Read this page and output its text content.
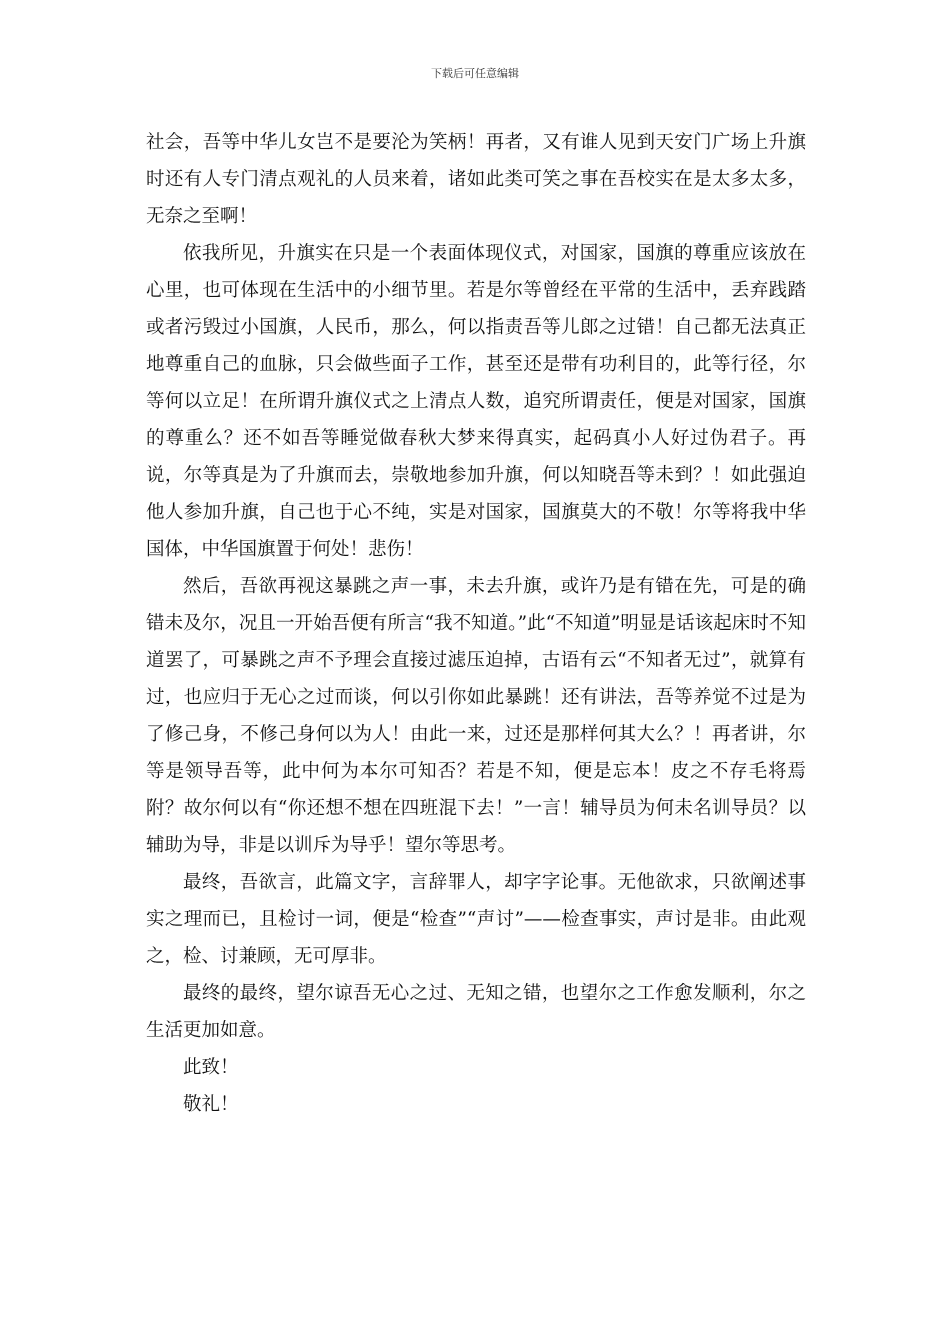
下载后可任意编辑

社会，吾等中华儿女岂不是要沦为笑柄！再者，又有谁人见到天安门广场上升旗时还有人专门清点观礼的人员来着，诸如此类可笑之事在吾校实在是太多太多，无奈之至啊！

依我所见，升旗实在只是一个表面体现仪式，对国家，国旗的尊重应该放在心里，也可体现在生活中的小细节里。若是尔等曾经在平常的生活中，丢弃践踏或者污毁过小国旗，人民币，那么，何以指责吾等儿郎之过错！自己都无法真正地尊重自己的血脉，只会做些面子工作，甚至还是带有功利目的，此等行径，尔等何以立足！在所谓升旗仪式之上清点人数，追究所谓责任，便是对国家，国旗的尊重么？还不如吾等睡觉做春秋大梦来得真实，起码真小人好过伪君子。再说，尔等真是为了升旗而去，崇敬地参加升旗，何以知晓吾等未到？！如此强迫他人参加升旗，自己也于心不纯，实是对国家，国旗莫大的不敬！尔等将我中华国体，中华国旗置于何处！悲伤！

然后，吾欲再视这暴跳之声一事，未去升旗，或许乃是有错在先，可是的确错未及尔，况且一开始吾便有所言“我不知道。”此“不知道”明显是话该起床时不知道罢了，可暴跳之声不予理会直接过滤压迫掉，古语有云“不知者无过”，就算有过，也应归于无心之过而谈，何以引你如此暴跳！还有讲法，吾等养觉不过是为了修己身，不修己身何以为人！由此一来，过还是那样何其大么？！再者讲，尔等是领导吾等，此中何为本尔可知否？若是不知，便是忘本！皮之不存毛将焉附？故尔何以有“你还想不想在四班混下去！”一言！辅导员为何未名训导员？以辅助为导，非是以训斥为导乎！望尔等思考。

最终，吾欲言，此篇文字，言辞罪人，却字字论事。无他欲求，只欲阐述事实之理而已，且检讨一词，便是“检查”“声讨”——检查事实，声讨是非。由此观之，检、讨兼顾，无可厚非。

最终的最终，望尔谅吾无心之过、无知之错，也望尔之工作愈发顺利，尔之生活更加如意。

此致！

敬礼！
